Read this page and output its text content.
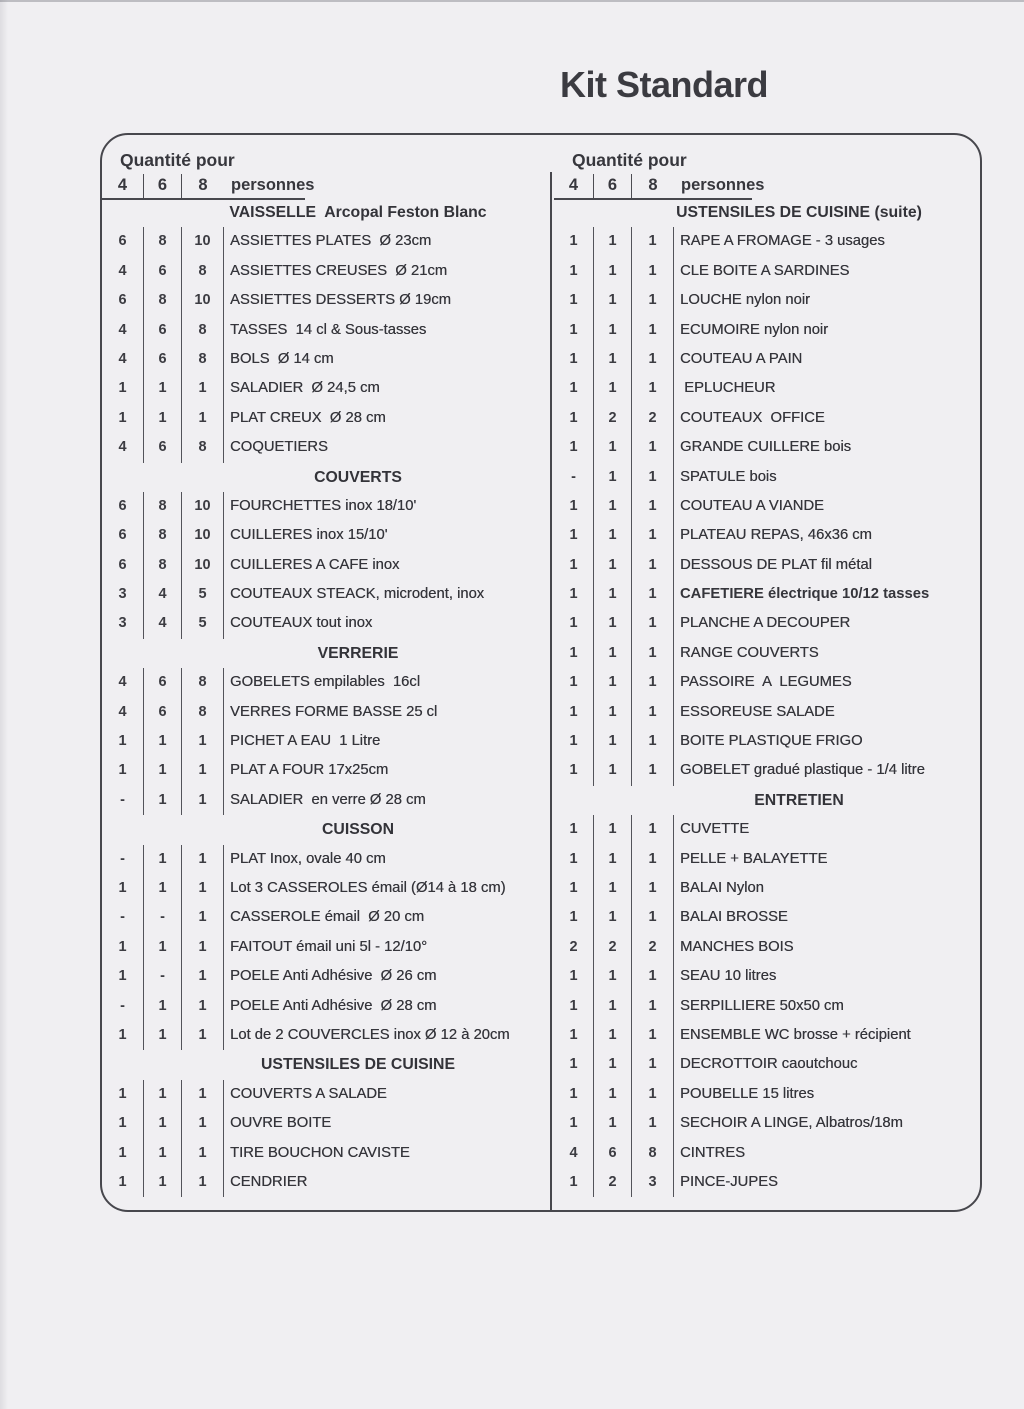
Kit Standard
Quantité pour
4	6	8	personnes
VAISSELLE  Arcopal Feston Blanc
6	8	10	ASSIETTES PLATES  Ø 23cm
4	6	8	ASSIETTES CREUSES  Ø 21cm
6	8	10	ASSIETTES DESSERTS Ø 19cm
4	6	8	TASSES  14 cl & Sous-tasses
4	6	8	BOLS  Ø 14 cm
1	1	1	SALADIER  Ø 24,5 cm
1	1	1	PLAT CREUX  Ø 28 cm
4	6	8	COQUETIERS
COUVERTS
6	8	10	FOURCHETTES inox 18/10'
6	8	10	CUILLERES inox 15/10'
6	8	10	CUILLERES A CAFE inox
3	4	5	COUTEAUX STEACK, microdent, inox
3	4	5	COUTEAUX tout inox
VERRERIE
4	6	8	GOBELETS empilables  16cl
4	6	8	VERRES FORME BASSE 25 cl
1	1	1	PICHET A EAU  1 Litre
1	1	1	PLAT A FOUR 17x25cm
-	1	1	SALADIER  en verre Ø 28 cm
CUISSON
-	1	1	PLAT Inox, ovale 40 cm
1	1	1	Lot 3 CASSEROLES émail (Ø14 à 18 cm)
-	-	1	CASSEROLE émail  Ø 20 cm
1	1	1	FAITOUT émail uni 5l - 12/10°
1	-	1	POELE Anti Adhésive  Ø 26 cm
-	1	1	POELE Anti Adhésive  Ø 28 cm
1	1	1	Lot de 2 COUVERCLES inox Ø 12 à 20cm
USTENSILES DE CUISINE
1	1	1	COUVERTS A SALADE
1	1	1	OUVRE BOITE
1	1	1	TIRE BOUCHON CAVISTE
1	1	1	CENDRIER
Quantité pour
4	6	8	personnes
USTENSILES DE CUISINE (suite)
1	1	1	RAPE A FROMAGE - 3 usages
1	1	1	CLE BOITE A SARDINES
1	1	1	LOUCHE nylon noir
1	1	1	ECUMOIRE nylon noir
1	1	1	COUTEAU A PAIN
1	1	1	EPLUCHEUR
1	2	2	COUTEAUX  OFFICE
1	1	1	GRANDE CUILLERE bois
-	1	1	SPATULE bois
1	1	1	COUTEAU A VIANDE
1	1	1	PLATEAU REPAS, 46x36 cm
1	1	1	DESSOUS DE PLAT fil métal
1	1	1	CAFETIERE électrique 10/12 tasses
1	1	1	PLANCHE A DECOUPER
1	1	1	RANGE COUVERTS
1	1	1	PASSOIRE  A  LEGUMES
1	1	1	ESSOREUSE SALADE
1	1	1	BOITE PLASTIQUE FRIGO
1	1	1	GOBELET gradué plastique - 1/4 litre
ENTRETIEN
1	1	1	CUVETTE
1	1	1	PELLE + BALAYETTE
1	1	1	BALAI Nylon
1	1	1	BALAI BROSSE
2	2	2	MANCHES BOIS
1	1	1	SEAU 10 litres
1	1	1	SERPILLIERE 50x50 cm
1	1	1	ENSEMBLE WC brosse + récipient
1	1	1	DECROTTOIR caoutchouc
1	1	1	POUBELLE 15 litres
1	1	1	SECHOIR A LINGE, Albatros/18m
4	6	8	CINTRES
1	2	3	PINCE-JUPES
